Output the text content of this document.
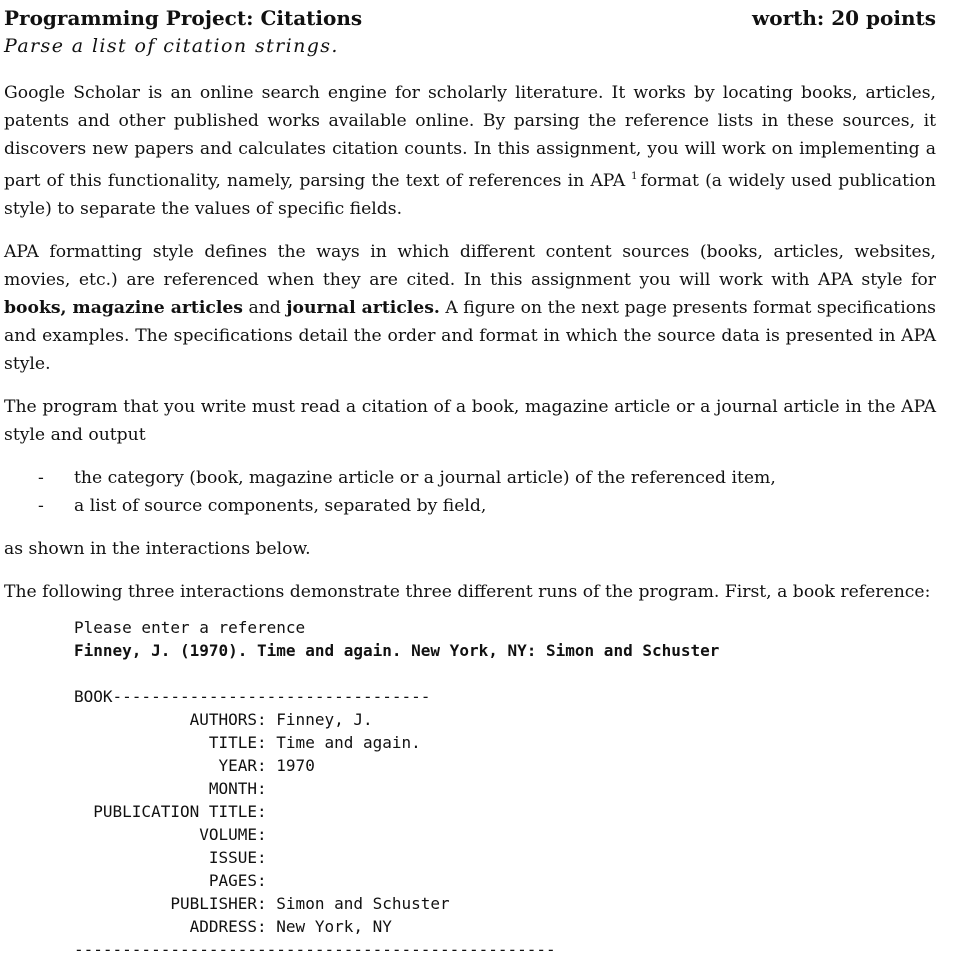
Programming Project: Citations	worth: 20 points
Parse a list of citation strings.

Google Scholar is an online search engine for scholarly literature. It works by locating books, articles, patents and other published works available online. By parsing the reference lists in these sources, it discovers new papers and calculates citation counts. In this assignment, you will work on implementing a part of this functionality, namely, parsing the text of references in APA $^1$ format (a widely used publication style) to separate the values of specific fields.

APA formatting style defines the ways in which different content sources (books, articles, websites, movies, etc.) are referenced when they are cited. In this assignment you will work with APA style for books, magazine articles and journal articles. A figure on the next page presents format specifications and examples. The specifications detail the order and format in which the source data is presented in APA style.

The program that you write must read a citation of a book, magazine article or a journal article in the APA style and output

- the category (book, magazine article or a journal article) of the referenced item,
- a list of source components, separated by field,

as shown in the interactions below.

The following three interactions demonstrate three different runs of the program. First, a book reference:

Please enter a reference
Finney, J. (1970). Time and again. New York, NY: Simon and Schuster

BOOK---------------------------------
AUTHORS: Finney, J.
TITLE: Time and again.
YEAR: 1970
MONTH:
PUBLICATION TITLE:
VOLUME:
ISSUE:
PAGES:
PUBLISHER: Simon and Schuster
ADDRESS: New York, NY
--------------------------------------------------
